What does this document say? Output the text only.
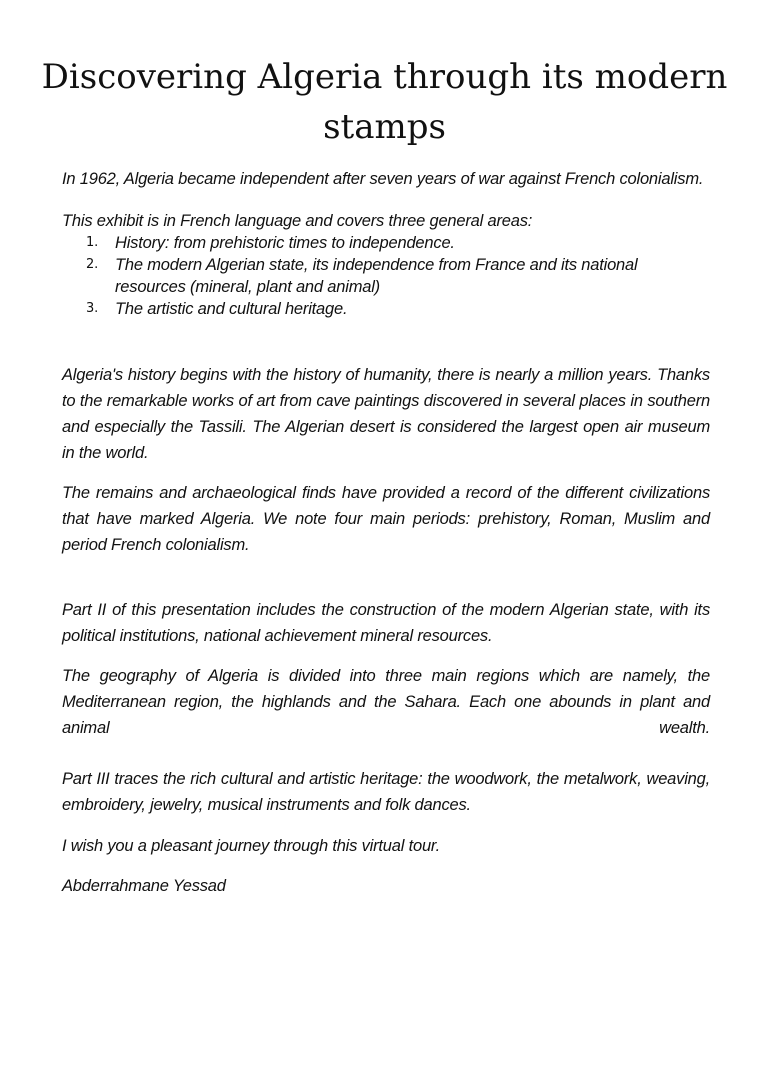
Discovering Algeria through its modern stamps

In 1962, Algeria became independent after seven years of war against French colonialism.

This exhibit is in French language and covers three general areas:

1. History: from prehistoric times to independence.
2. The modern Algerian state, its independence from France and its national resources (mineral, plant and animal)
3. The artistic and cultural heritage.

Algeria's history begins with the history of humanity, there is nearly a million years. Thanks to the remarkable works of art from cave paintings discovered in several places in southern and especially the Tassili. The Algerian desert is considered the largest open air museum in the world.

The remains and archaeological finds have provided a record of the different civilizations that have marked Algeria. We note four main periods: prehistory, Roman, Muslim and period French colonialism.

Part II of this presentation includes the construction of the modern Algerian state, with its political institutions, national achievement mineral resources.

The geography of Algeria is divided into three main regions which are namely, the Mediterranean region, the highlands and the Sahara. Each one abounds in plant and animal wealth.

Part III traces the rich cultural and artistic heritage: the woodwork, the metalwork, weaving, embroidery, jewelry, musical instruments and folk dances.

I wish you a pleasant journey through this virtual tour.

Abderrahmane Yessad
